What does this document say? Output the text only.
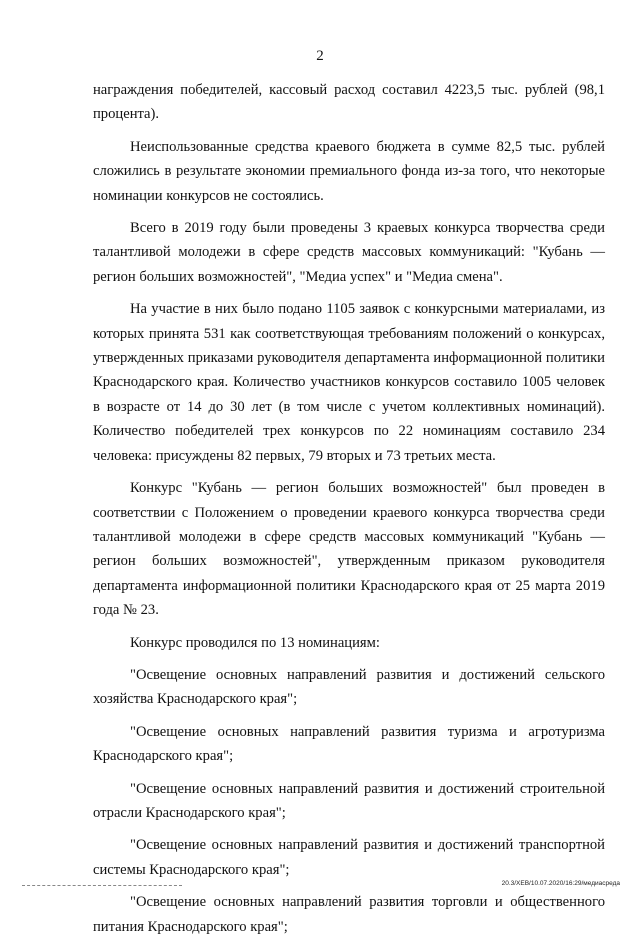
2

награждения победителей, кассовый расход составил 4223,5 тыс. рублей (98,1 процента).

Неиспользованные средства краевого бюджета в сумме 82,5 тыс. рублей сложились в результате экономии премиального фонда из-за того, что некоторые номинации конкурсов не состоялись.

Всего в 2019 году были проведены 3 краевых конкурса творчества среди талантливой молодежи в сфере средств массовых коммуникаций: "Кубань — регион больших возможностей", "Медиа успех" и "Медиа смена".

На участие в них было подано 1105 заявок с конкурсными материалами, из которых принята 531 как соответствующая требованиям положений о конкурсах, утвержденных приказами руководителя департамента информационной политики Краснодарского края. Количество участников конкурсов составило 1005 человек в возрасте от 14 до 30 лет (в том числе с учетом коллективных номинаций). Количество победителей трех конкурсов по 22 номинациям составило 234 человека: присуждены 82 первых, 79 вторых и 73 третьих места.

Конкурс "Кубань — регион больших возможностей" был проведен в соответствии с Положением о проведении краевого конкурса творчества среди талантливой молодежи в сфере средств массовых коммуникаций "Кубань — регион больших возможностей", утвержденным приказом руководителя департамента информационной политики Краснодарского края от 25 марта 2019 года № 23.

Конкурс проводился по 13 номинациям:

"Освещение основных направлений развития и достижений сельского хозяйства Краснодарского края";

"Освещение основных направлений развития туризма и агротуризма Краснодарского края";

"Освещение основных направлений развития и достижений строительной отрасли Краснодарского края";

"Освещение основных направлений развития и достижений транспортной системы Краснодарского края";

"Освещение основных направлений развития торговли и общественного питания Краснодарского края";

20.3/XEB/10.07.2020/16:29/медиасреда
